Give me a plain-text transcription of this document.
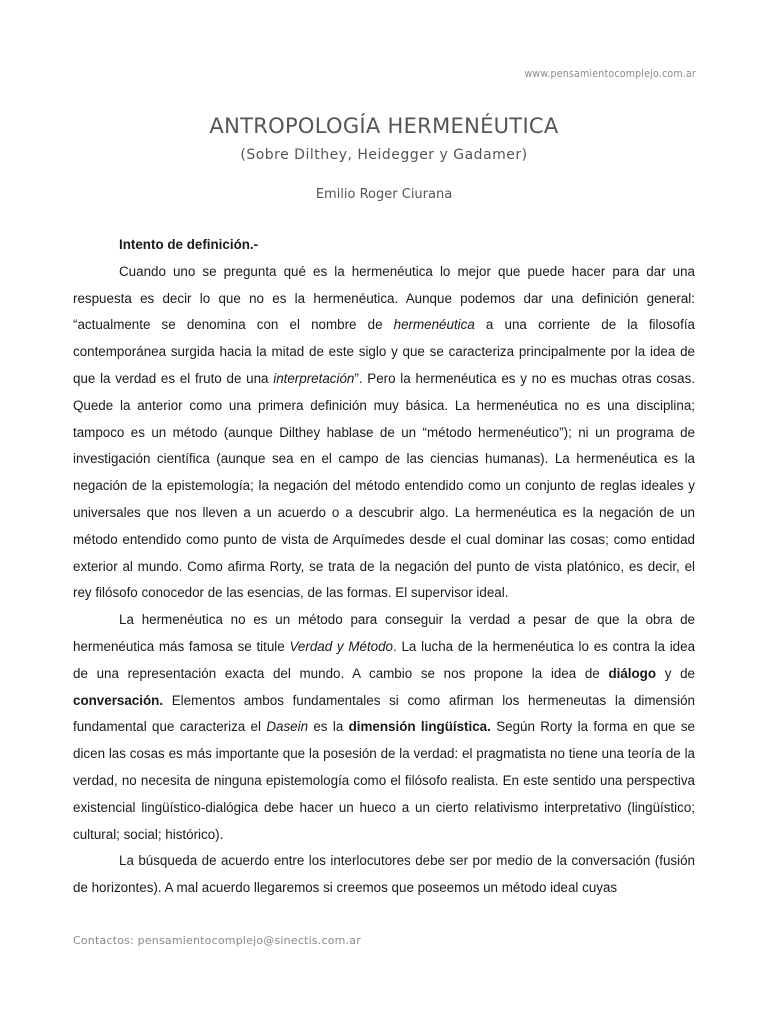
www.pensamientocomplejo.com.ar
ANTROPOLOGÍA HERMENÉUTICA
(Sobre Dilthey, Heidegger y Gadamer)
Emilio Roger Ciurana

Intento de definición.-

Cuando uno se pregunta qué es la hermenéutica lo mejor que puede hacer para dar una respuesta es decir lo que no es la hermenéutica. Aunque podemos dar una definición general: “actualmente se denomina con el nombre de hermenéutica a una corriente de la filosofía contemporánea surgida hacia la mitad de este siglo y que se caracteriza principalmente por la idea de que la verdad es el fruto de una interpretación”. Pero la hermenéutica es y no es muchas otras cosas. Quede la anterior como una primera definición muy básica. La hermenéutica no es una disciplina; tampoco es un método (aunque Dilthey hablase de un “método hermenéutico”); ni un programa de investigación científica (aunque sea en el campo de las ciencias humanas). La hermenéutica es la negación de la epistemología; la negación del método entendido como un conjunto de reglas ideales y universales que nos lleven a un acuerdo o a descubrir algo. La hermenéutica es la negación de un método entendido como punto de vista de Arquímedes desde el cual dominar las cosas; como entidad exterior al mundo. Como afirma Rorty, se trata de la negación del punto de vista platónico, es decir, el rey filósofo conocedor de las esencias, de las formas. El supervisor ideal.

La hermenéutica no es un método para conseguir la verdad a pesar de que la obra de hermenéutica más famosa se titule Verdad y Método. La lucha de la hermenéutica lo es contra la idea de una representación exacta del mundo. A cambio se nos propone la idea de diálogo y de conversación. Elementos ambos fundamentales si como afirman los hermeneutas la dimensión fundamental que caracteriza el Dasein es la dimensión lingüística. Según Rorty la forma en que se dicen las cosas es más importante que la posesión de la verdad: el pragmatista no tiene una teoría de la verdad, no necesita de ninguna epistemología como el filósofo realista. En este sentido una perspectiva existencial lingüístico-dialógica debe hacer un hueco a un cierto relativismo interpretativo (lingüístico; cultural; social; histórico).

La búsqueda de acuerdo entre los interlocutores debe ser por medio de la conversación (fusión de horizontes). A mal acuerdo llegaremos si creemos que poseemos un método ideal cuyas

Contactos: pensamientocomplejo@sinectis.com.ar
